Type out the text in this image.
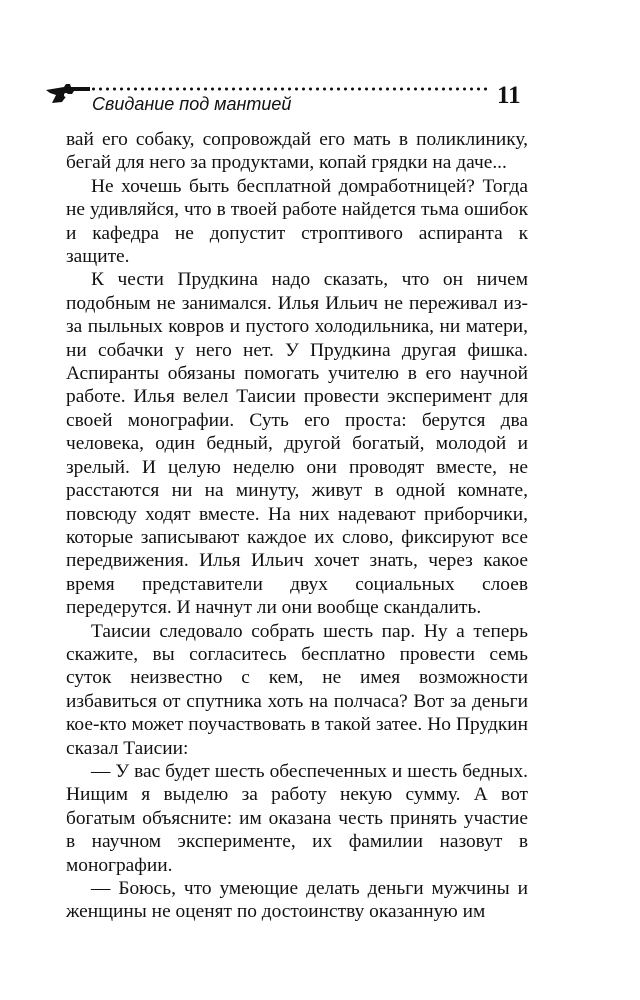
Свидание под мантией	11

вай его собаку, сопровождай его мать в поликлинику, бегай для него за продуктами, копай грядки на даче...

Не хочешь быть бесплатной домработницей? Тогда не удивляйся, что в твоей работе найдется тьма ошибок и кафедра не допустит строптивого аспиранта к защите.

К чести Прудкина надо сказать, что он ничем подобным не занимался. Илья Ильич не переживал из-за пыльных ковров и пустого холодильника, ни матери, ни собачки у него нет. У Прудкина другая фишка. Аспиранты обязаны помогать учителю в его научной работе. Илья велел Таисии провести эксперимент для своей монографии. Суть его проста: берутся два человека, один бедный, другой богатый, молодой и зрелый. И целую неделю они проводят вместе, не расстаются ни на минуту, живут в одной комнате, повсюду ходят вместе. На них надевают приборчики, которые записывают каждое их слово, фиксируют все передвижения. Илья Ильич хочет знать, через какое время представители двух социальных слоев передерутся. И начнут ли они вообще скандалить.

Таисии следовало собрать шесть пар. Ну а теперь скажите, вы согласитесь бесплатно провести семь суток неизвестно с кем, не имея возможности избавиться от спутника хоть на полчаса? Вот за деньги кое-кто может поучаствовать в такой затее. Но Прудкин сказал Таисии:

— У вас будет шесть обеспеченных и шесть бедных. Нищим я выделю за работу некую сумму. А вот богатым объясните: им оказана честь принять участие в научном эксперименте, их фамилии назовут в монографии.

— Боюсь, что умеющие делать деньги мужчины и женщины не оценят по достоинству оказанную им
